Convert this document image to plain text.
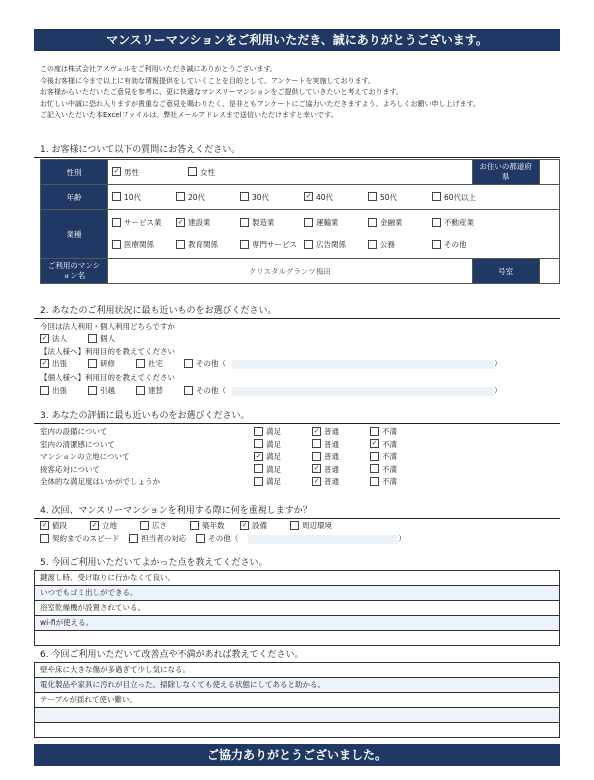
マンスリーマンションをご利用いただき、誠にありがとうございます。
この度は株式会社アスヴェルをご利用いただき誠にありがとうございます。
今後お客様に今まで以上に有効な情報提供をしていくことを目的として、アンケートを実施しております。
お客様からいただいたご意見を参考に、更に快適なマンスリーマンションをご提供していきたいと考えております。
お忙しい中誠に恐れ入りますが貴重なご意見を賜わりたく、是非ともアンケートにご協力いただきますよう、よろしくお願い申し上げます。
ご記入いただいた本Excelファイルは、弊社メールアドレスまで送信いただけますと幸いです。
1. お客様について以下の質問にお答えください。
性別	✓ 男性 女性	お住いの都道府県	
年齢	10代 20代 30代 ✓ 40代 50代 60代以上		
業種	サービス業 ✓ 建設業 製造業 運輸業 金融業 不動産業
医療関係 教育関係 専門サービス 広告関係 公務 その他		

ご利用のマンション名	クリスタルグランツ梅田	号室	
2. あなたのご利用状況に最も近いものをお選びください。
今回は法人利用・個人利用どちらですか
✓ 法人	個人
【法人様へ】利用目的を教えてください
✓ 出張	研修	社宅	その他（	）
【個人様へ】利用目的を教えてください
出張	引越	建替	その他（	）
3. あなたの評価に最も近いものをお選びください。
室内の設備について	満足	✓ 普通	不満
室内の清潔感について	満足	普通	✓ 不満
マンションの立地について	✓ 満足	普通	不満
接客応対について	満足	✓ 普通	不満
全体的な満足度はいかがでしょうか	満足	✓ 普通	不満
4. 次回、マンスリーマンションを利用する際に何を重視しますか？
✓ 値段	✓ 立地	広さ	築年数 ✓ 設備	周辺環境
契約までのスピード	担当者の対応	その他（	）
5. 今回ご利用いただいてよかった点を教えてください。
鍵渡し時、受け取りに行かなくて良い。
いつでもゴミ出しができる。
浴室乾燥機が設置されている。
wi-fiが使える。
6. 今回ご利用いただいて改善点や不満があれば教えてください。
壁や床に大きな傷が多過ぎて少し気になる。
電化製品や家具に汚れが目立った。掃除しなくても使える状態にしてあると助かる。
テーブルが揺れて使い難い。
ご協力ありがとうございました。
